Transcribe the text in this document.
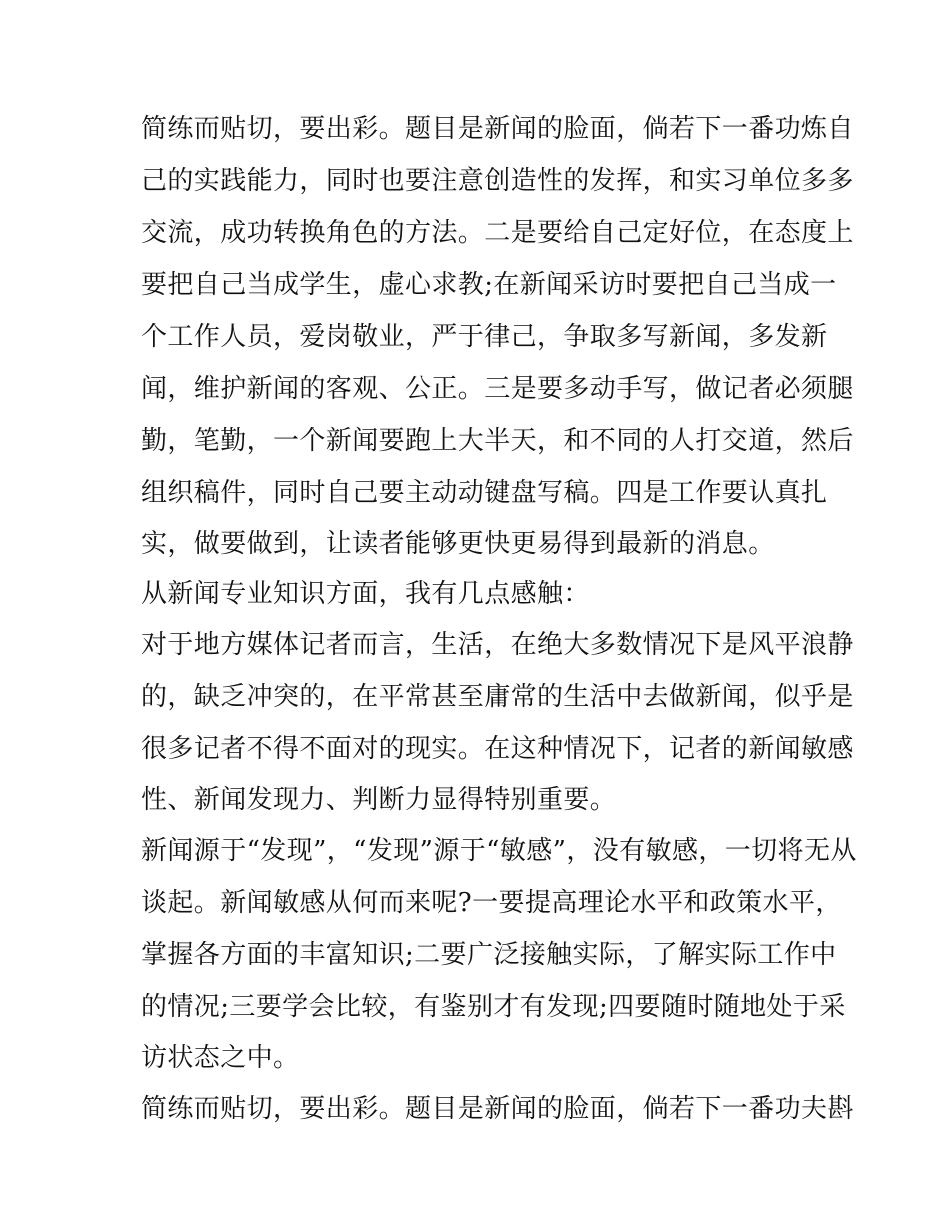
简练而贴切，要出彩。题目是新闻的脸面，倘若下一番功炼自
己的实践能力，同时也要注意创造性的发挥，和实习单位多多
交流，成功转换角色的方法。二是要给自己定好位，在态度上
要把自己当成学生，虚心求教;在新闻采访时要把自己当成一
个工作人员，爱岗敬业，严于律己，争取多写新闻，多发新
闻，维护新闻的客观、公正。三是要多动手写，做记者必须腿
勤，笔勤，一个新闻要跑上大半天，和不同的人打交道，然后
组织稿件，同时自己要主动动键盘写稿。四是工作要认真扎
实，做要做到，让读者能够更快更易得到最新的消息。
从新闻专业知识方面，我有几点感触：
对于地方媒体记者而言，生活，在绝大多数情况下是风平浪静
的，缺乏冲突的，在平常甚至庸常的生活中去做新闻，似乎是
很多记者不得不面对的现实。在这种情况下，记者的新闻敏感
性、新闻发现力、判断力显得特别重要。
新闻源于“发现”，“发现”源于“敏感”，没有敏感，一切将无从
谈起。新闻敏感从何而来呢?一要提高理论水平和政策水平，
掌握各方面的丰富知识;二要广泛接触实际，了解实际工作中
的情况;三要学会比较，有鉴别才有发现;四要随时随地处于采
访状态之中。
简练而贴切，要出彩。题目是新闻的脸面，倘若下一番功夫斟
